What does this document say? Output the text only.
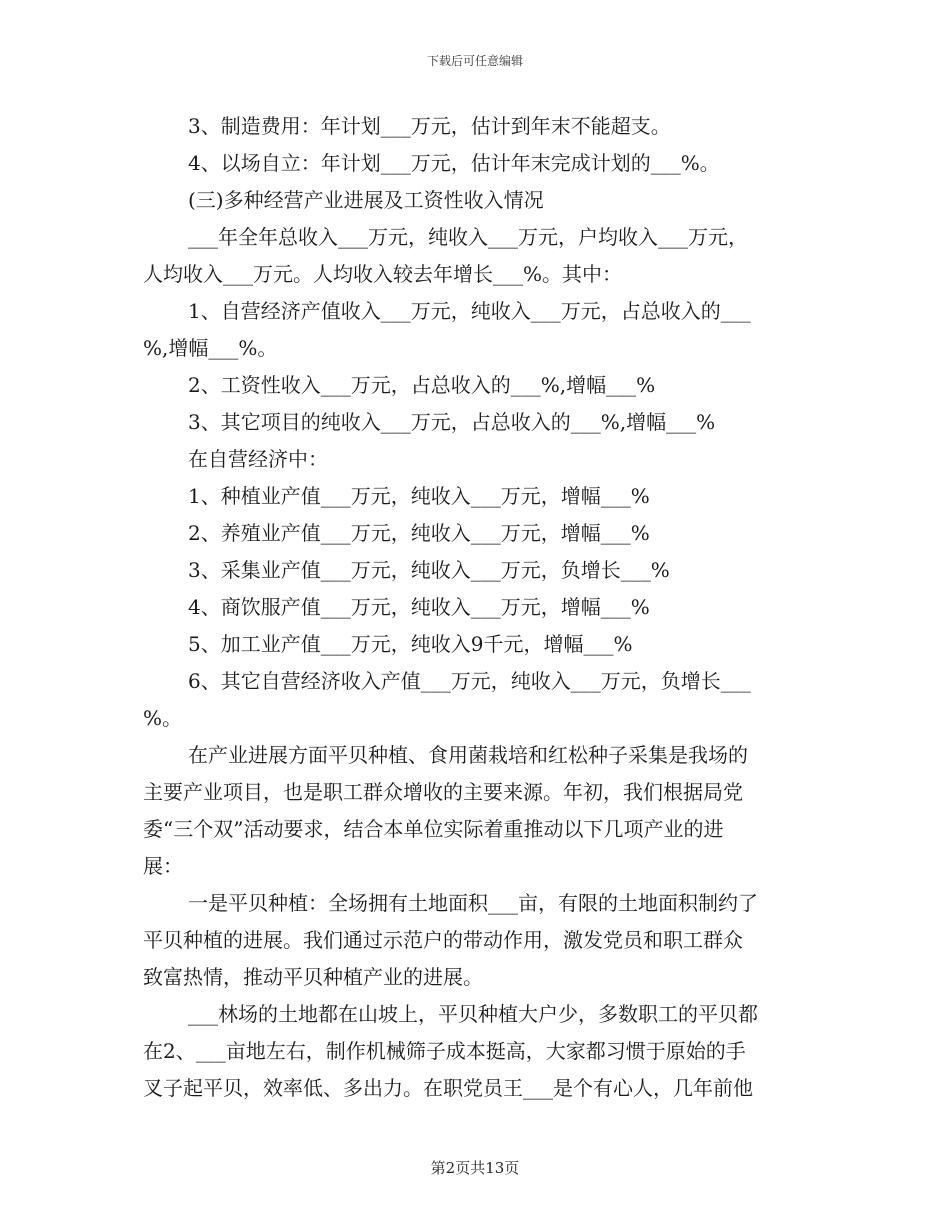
下载后可任意编辑
3、制造费用：年计划___万元，估计到年末不能超支。
4、以场自立：年计划___万元，估计年末完成计划的___%。
(三)多种经营产业进展及工资性收入情况
___年全年总收入___万元，纯收入___万元，户均收入___万元，
人均收入___万元。人均收入较去年增长___%。其中：
1、自营经济产值收入___万元，纯收入___万元，占总收入的___
%,增幅___%。
2、工资性收入___万元，占总收入的___%,增幅___%
3、其它项目的纯收入___万元，占总收入的___%,增幅___%
在自营经济中：
1、种植业产值___万元，纯收入___万元，增幅___%
2、养殖业产值___万元，纯收入___万元，增幅___%
3、采集业产值___万元，纯收入___万元，负增长___%
4、商饮服产值___万元，纯收入___万元，增幅___%
5、加工业产值___万元，纯收入9千元，增幅___%
6、其它自营经济收入产值___万元，纯收入___万元，负增长___
%。
在产业进展方面平贝种植、食用菌栽培和红松种子采集是我场的
主要产业项目，也是职工群众增收的主要来源。年初，我们根据局党
委“三个双”活动要求，结合本单位实际着重推动以下几项产业的进
展：
一是平贝种植：全场拥有土地面积___亩，有限的土地面积制约了
平贝种植的进展。我们通过示范户的带动作用，激发党员和职工群众
致富热情，推动平贝种植产业的进展。
___林场的土地都在山坡上，平贝种植大户少，多数职工的平贝都
在2、___亩地左右，制作机械筛子成本挺高，大家都习惯于原始的手
叉子起平贝，效率低、多出力。在职党员王___是个有心人，几年前他
第2页共13页
